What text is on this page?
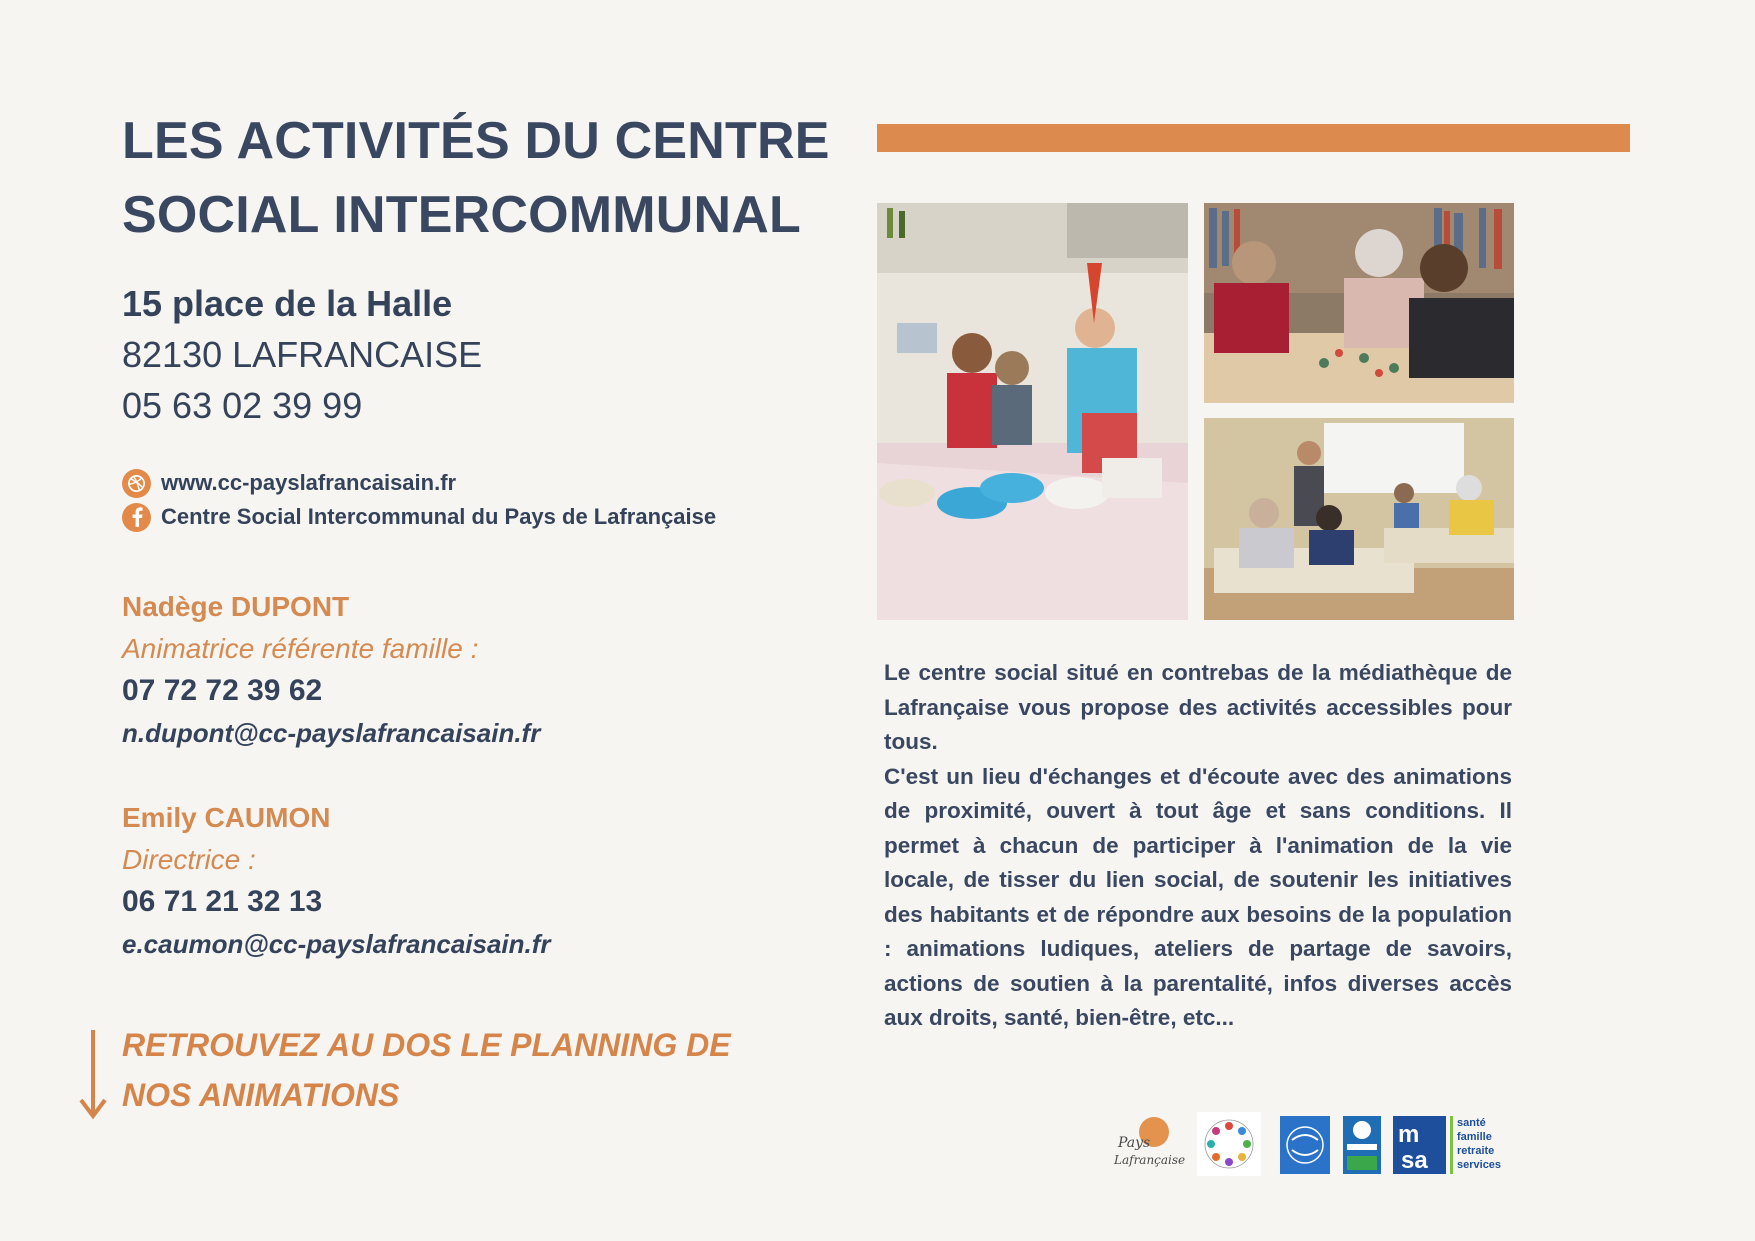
LES ACTIVITÉS DU CENTRE
SOCIAL INTERCOMMUNAL
15 place de la Halle
82130 LAFRANCAISE
05 63 02 39 99
www.cc-payslafrancaisain.fr
Centre Social Intercommunal du Pays de Lafrançaise
Nadège DUPONT
Animatrice référente famille :
07 72 72 39 62
n.dupont@cc-payslafrancaisain.fr
Emily CAUMON
Directrice :
06 71 21 32 13
e.caumon@cc-payslafrancaisain.fr
RETROUVEZ AU DOS LE PLANNING DE
NOS ANIMATIONS

Le centre social situé en contrebas de la médiathèque de Lafrançaise vous propose des activités accessibles pour tous.

C'est un lieu d'échanges et d'écoute avec des animations de proximité, ouvert à tout âge et sans conditions. Il permet à chacun de participer à l'animation de la vie locale, de tisser du lien social, de soutenir les initiatives des habitants et de répondre aux besoins de la population : animations ludiques, ateliers de partage de savoirs, actions de soutien à la parentalité, infos diverses accès aux droits, santé, bien-être, etc...

Pays
Lafrançaise
m
sa
santé
famille
retraite
services
